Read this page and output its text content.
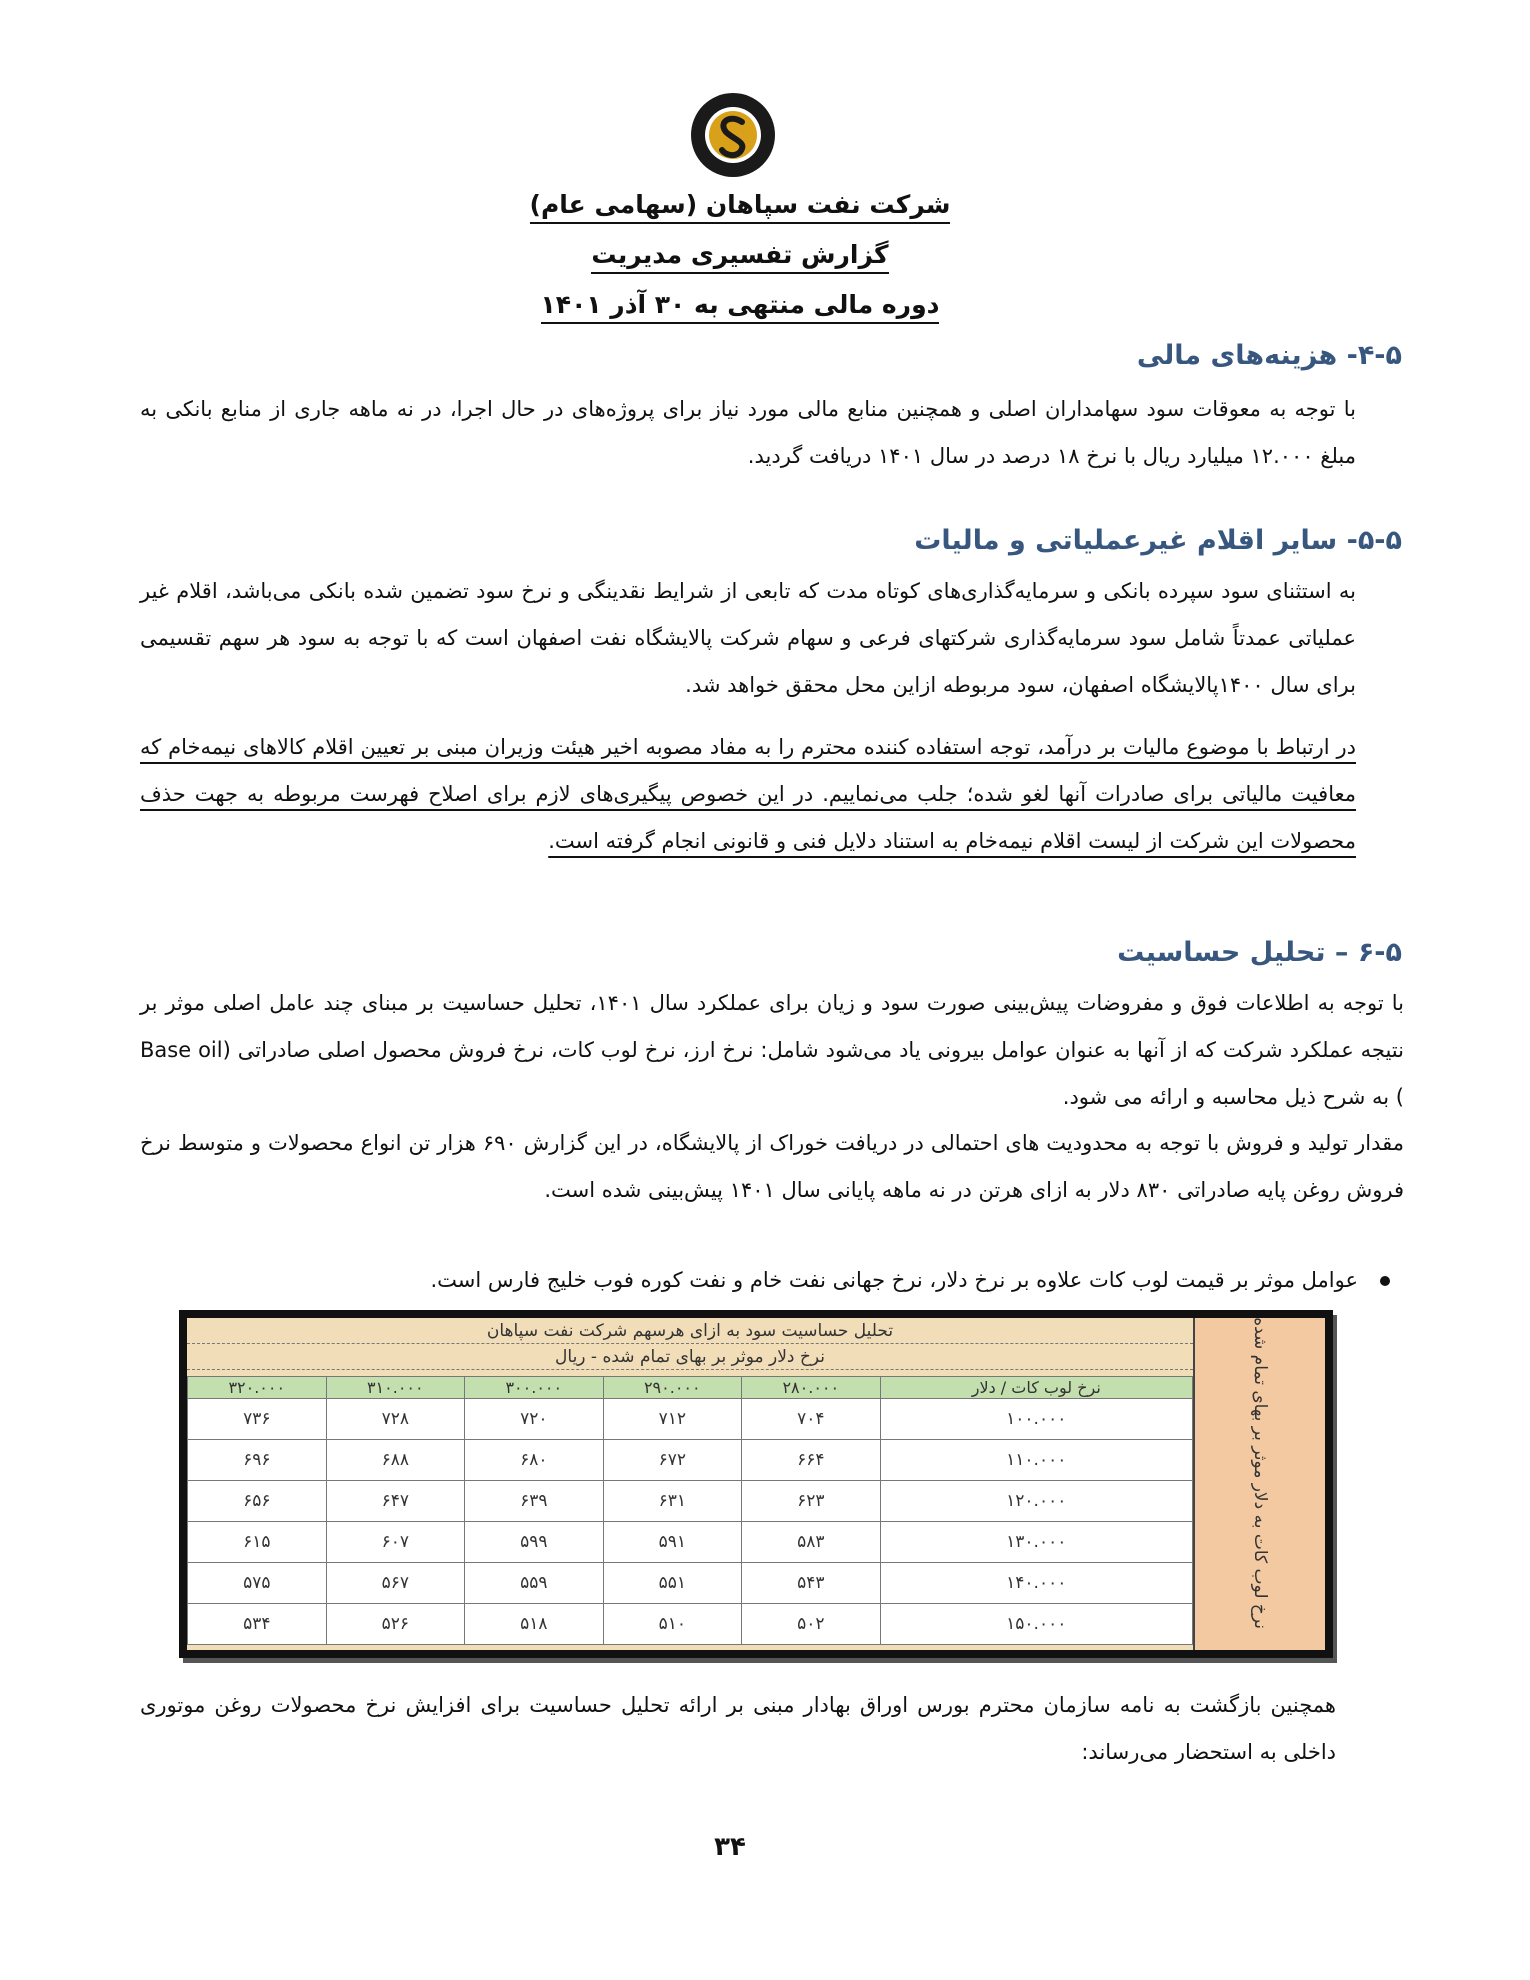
شرکت نفت سپاهان (سهامی عام)
گزارش تفسیری مدیریت
دوره مالی منتهی به ۳۰ آذر ۱۴۰۱
۴-۵- هزینه‌های مالی
با توجه به معوقات سود سهامداران اصلی و همچنین منابع مالی مورد نیاز برای پروژه‌های در حال اجرا، در نه ماهه جاری از منابع بانکی به مبلغ ۱۲.۰۰۰ میلیارد ریال با نرخ ۱۸ درصد در سال ۱۴۰۱ دریافت گردید.
۵-۵- سایر اقلام غیرعملیاتی و مالیات
به استثنای سود سپرده بانکی و سرمایه‌گذاری‌های کوتاه مدت که تابعی از شرایط نقدینگی و نرخ سود تضمین شده بانکی می‌باشد، اقلام غیر عملیاتی عمدتاً شامل سود سرمایه‌گذاری شرکتهای فرعی و سهام شرکت پالایشگاه نفت اصفهان است که با توجه به سود هر سهم تقسیمی برای سال ۱۴۰۰پالایشگاه اصفهان، سود مربوطه ازاین محل محقق خواهد شد.
در ارتباط با موضوع مالیات بر درآمد، توجه استفاده کننده محترم را به مفاد مصوبه اخیر هیئت وزیران مبنی بر تعیین اقلام کالاهای نیمه‌خام که معافیت مالیاتی برای صادرات آنها لغو شده؛ جلب می‌نماییم. در این خصوص پیگیری‌های لازم برای اصلاح فهرست مربوطه به جهت حذف محصولات این شرکت از لیست اقلام نیمه‌خام به استناد دلایل فنی و قانونی انجام گرفته است.
۶-۵ – تحلیل حساسیت
با توجه به اطلاعات فوق و مفروضات پیش‌بینی صورت سود و زیان برای عملکرد سال ۱۴۰۱، تحلیل حساسیت بر مبنای چند عامل اصلی موثر بر نتیجه عملکرد شرکت که از آنها به عنوان عوامل بیرونی یاد می‌شود شامل: نرخ ارز، نرخ لوب کات، نرخ فروش محصول اصلی صادراتی (Base oil ) به شرح ذیل محاسبه و ارائه می شود.
مقدار تولید و فروش با توجه به محدودیت های احتمالی در دریافت خوراک از پالایشگاه، در این گزارش ۶۹۰ هزار تن انواع محصولات و متوسط نرخ فروش روغن پایه صادراتی ۸۳۰ دلار به ازای هرتن در نه ماهه پایانی سال ۱۴۰۱ پیش‌بینی شده است.
عوامل موثر بر قیمت لوب کات علاوه بر نرخ دلار، نرخ جهانی نفت خام و نفت کوره فوب خلیج فارس است.
نرخ لوب کات به دلار موثر بر بهای تمام شده
تحلیل حساسیت سود به ازای هرسهم شرکت نفت سپاهان
نرخ دلار موثر بر بهای تمام شده - ریال
نرخ لوب کات / دلار	۲۸۰.۰۰۰	۲۹۰.۰۰۰	۳۰۰.۰۰۰	۳۱۰.۰۰۰	۳۲۰.۰۰۰
۱۰۰.۰۰۰	۷۰۴	۷۱۲	۷۲۰	۷۲۸	۷۳۶
۱۱۰.۰۰۰	۶۶۴	۶۷۲	۶۸۰	۶۸۸	۶۹۶
۱۲۰.۰۰۰	۶۲۳	۶۳۱	۶۳۹	۶۴۷	۶۵۶
۱۳۰.۰۰۰	۵۸۳	۵۹۱	۵۹۹	۶۰۷	۶۱۵
۱۴۰.۰۰۰	۵۴۳	۵۵۱	۵۵۹	۵۶۷	۵۷۵
۱۵۰.۰۰۰	۵۰۲	۵۱۰	۵۱۸	۵۲۶	۵۳۴
همچنین بازگشت به نامه سازمان محترم بورس اوراق بهادار مبنی بر ارائه تحلیل حساسیت برای افزایش نرخ محصولات روغن موتوری داخلی به استحضار می‌رساند:
۳۴
